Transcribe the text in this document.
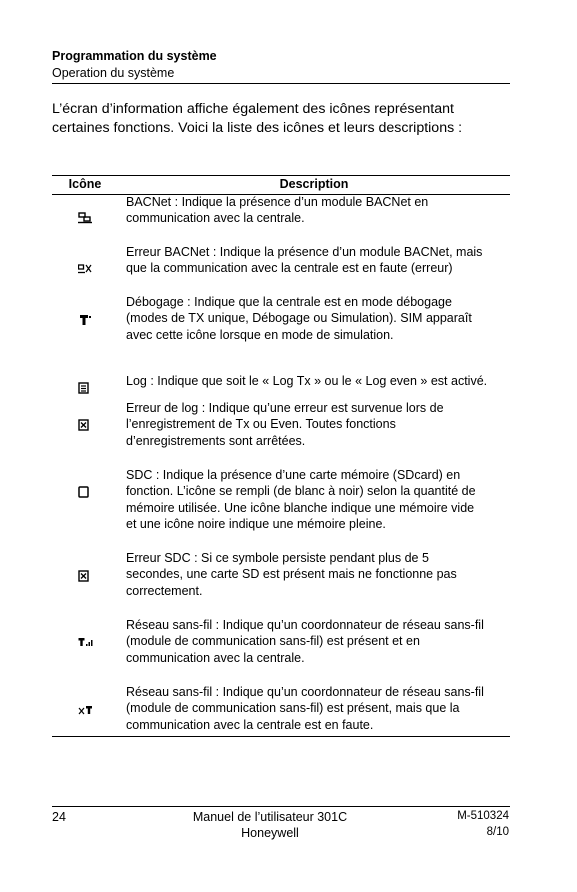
Programmation du système
Operation du système

L’écran d’information affiche également des icônes représentant

certaines fonctions. Voici la liste des icônes et leurs descriptions :

Icône	Description
BACNet : Indique la présence d’un module BACNet en
communication avec la centrale.
Erreur BACNet : Indique la présence d’un module BACNet, mais
que la communication avec la centrale est en faute (erreur)
Débogage : Indique que la centrale est en mode débogage
(modes de TX unique, Débogage ou Simulation). SIM apparaît
avec cette icône lorsque en mode de simulation.
Log : Indique que soit le « Log Tx » ou le « Log even » est activé.
Erreur de log : Indique qu’une erreur est survenue lors de
l’enregistrement de Tx ou Even. Toutes fonctions
d’enregistrements sont arrêtées.
SDC : Indique la présence d’une carte mémoire (SDcard) en
fonction. L’icône se rempli (de blanc à noir) selon la quantité de
mémoire utilisée. Une icône blanche indique une mémoire vide
et une icône noire indique une mémoire pleine.
Erreur SDC : Si ce symbole persiste pendant plus de 5
secondes, une carte SD est présent mais ne fonctionne pas
correctement.
Réseau sans-fil : Indique qu’un coordonnateur de réseau sans-fil
(module de communication sans-fil) est présent et en
communication avec la centrale.
Réseau sans-fil : Indique qu’un coordonnateur de réseau sans-fil
(module de communication sans-fil) est présent, mais que la
communication avec la centrale est en faute.
24	Manuel de l’utilisateur 301C
Honeywell
M-510324
8/10
